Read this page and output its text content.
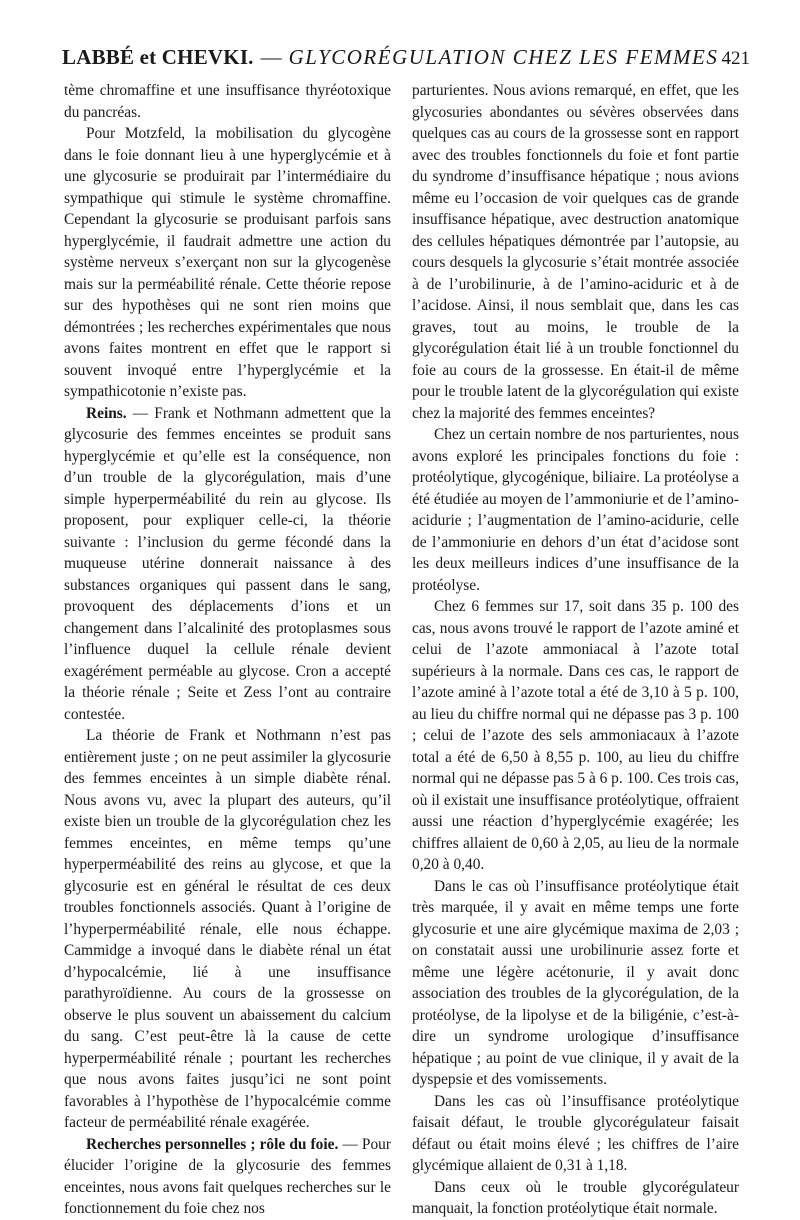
LABBÉ et CHEVKI. — GLYCORÉGULATION CHEZ LES FEMMES 421

tème chromaffine et une insuffisance thyréotoxique du pancréas.

Pour Motzfeld, la mobilisation du glycogène dans le foie donnant lieu à une hyperglycémie et à une glycosurie se produirait par l’intermédiaire du sympathique qui stimule le système chromaffine. Cependant la glycosurie se produisant parfois sans hyperglycémie, il faudrait admettre une action du système nerveux s’exerçant non sur la glycogenèse mais sur la perméabilité rénale. Cette théorie repose sur des hypothèses qui ne sont rien moins que démontrées ; les recherches expérimentales que nous avons faites montrent en effet que le rapport si souvent invoqué entre l’hyperglycémie et la sympathicotonie n’existe pas.

Reins. — Frank et Nothmann admettent que la glycosurie des femmes enceintes se produit sans hyperglycémie et qu’elle est la conséquence, non d’un trouble de la glycorégulation, mais d’une simple hyperperméabilité du rein au glycose. Ils proposent, pour expliquer celle-ci, la théorie suivante : l’inclusion du germe fécondé dans la muqueuse utérine donnerait naissance à des substances organiques qui passent dans le sang, provoquent des déplacements d’ions et un changement dans l’alcalinité des protoplasmes sous l’influence duquel la cellule rénale devient exagérément perméable au glycose. Cron a accepté la théorie rénale ; Seite et Zess l’ont au contraire contestée.

La théorie de Frank et Nothmann n’est pas entièrement juste ; on ne peut assimiler la glycosurie des femmes enceintes à un simple diabète rénal. Nous avons vu, avec la plupart des auteurs, qu’il existe bien un trouble de la glycorégulation chez les femmes enceintes, en même temps qu’une hyperperméabilité des reins au glycose, et que la glycosurie est en général le résultat de ces deux troubles fonctionnels associés. Quant à l’origine de l’hyperperméabilité rénale, elle nous échappe. Cammidge a invoqué dans le diabète rénal un état d’hypocalcémie, lié à une insuffisance parathyroïdienne. Au cours de la grossesse on observe le plus souvent un abaissement du calcium du sang. C’est peut-être là la cause de cette hyperperméabilité rénale ; pourtant les recherches que nous avons faites jusqu’ici ne sont point favorables à l’hypothèse de l’hypocalcémie comme facteur de perméabilité rénale exagérée.

Recherches personnelles ; rôle du foie. — Pour élucider l’origine de la glycosurie des femmes enceintes, nous avons fait quelques recherches sur le fonctionnement du foie chez nos

parturientes. Nous avions remarqué, en effet, que les glycosuries abondantes ou sévères observées dans quelques cas au cours de la grossesse sont en rapport avec des troubles fonctionnels du foie et font partie du syndrome d’insuffisance hépatique ; nous avions même eu l’occasion de voir quelques cas de grande insuffisance hépatique, avec destruction anatomique des cellules hépatiques démontrée par l’autopsie, au cours desquels la glycosurie s’était montrée associée à de l’urobilinurie, à de l’amino-aciduric et à de l’acidose. Ainsi, il nous semblait que, dans les cas graves, tout au moins, le trouble de la glycorégulation était lié à un trouble fonctionnel du foie au cours de la grossesse. En était-il de même pour le trouble latent de la glycorégulation qui existe chez la majorité des femmes enceintes?

Chez un certain nombre de nos parturientes, nous avons exploré les principales fonctions du foie : protéolytique, glycogénique, biliaire. La protéolyse a été étudiée au moyen de l’ammoniurie et de l’amino-acidurie ; l’augmentation de l’amino-acidurie, celle de l’ammoniurie en dehors d’un état d’acidose sont les deux meilleurs indices d’une insuffisance de la protéolyse.

Chez 6 femmes sur 17, soit dans 35 p. 100 des cas, nous avons trouvé le rapport de l’azote aminé et celui de l’azote ammoniacal à l’azote total supérieurs à la normale. Dans ces cas, le rapport de l’azote aminé à l’azote total a été de 3,10 à 5 p. 100, au lieu du chiffre normal qui ne dépasse pas 3 p. 100 ; celui de l’azote des sels ammoniacaux à l’azote total a été de 6,50 à 8,55 p. 100, au lieu du chiffre normal qui ne dépasse pas 5 à 6 p. 100. Ces trois cas, où il existait une insuffisance protéolytique, offraient aussi une réaction d’hyperglycémie exagérée; les chiffres allaient de 0,60 à 2,05, au lieu de la normale 0,20 à 0,40.

Dans le cas où l’insuffisance protéolytique était très marquée, il y avait en même temps une forte glycosurie et une aire glycémique maxima de 2,03 ; on constatait aussi une urobilinurie assez forte et même une légère acétonurie, il y avait donc association des troubles de la glycorégulation, de la protéolyse, de la lipolyse et de la biligénie, c’est-à-dire un syndrome urologique d’insuffisance hépatique ; au point de vue clinique, il y avait de la dyspepsie et des vomissements.

Dans les cas où l’insuffisance protéolytique faisait défaut, le trouble glycorégulateur faisait défaut ou était moins élevé ; les chiffres de l’aire glycémique allaient de 0,31 à 1,18.

Dans ceux où le trouble glycorégulateur manquait, la fonction protéolytique était normale.
